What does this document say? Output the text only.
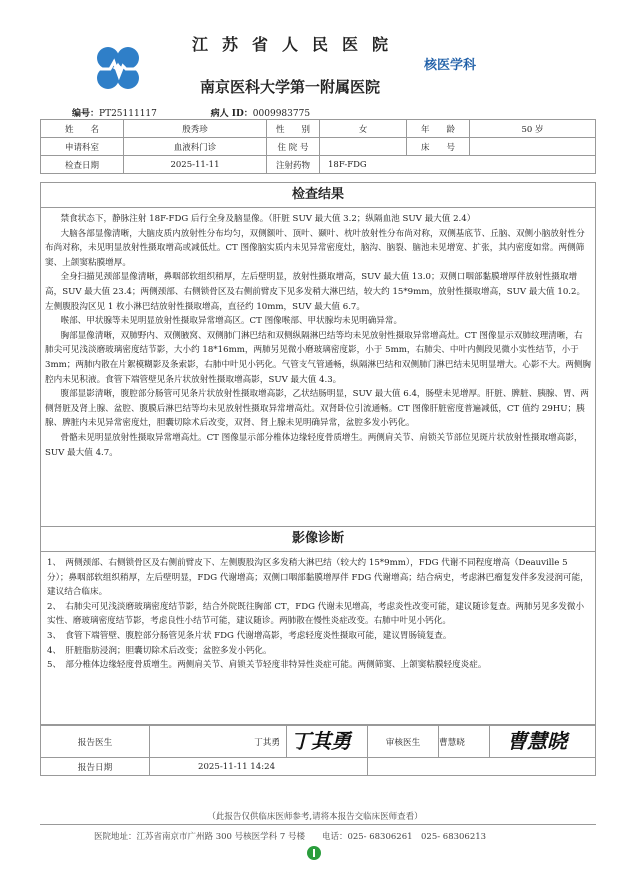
江苏省人民医院
核医学科
南京医科大学第一附属医院
编号：PT25111117	病人 ID：0009983775
姓　　名	殷秀珍	性　　别	女	年　　龄	50 岁
申请科室	血液科门诊	住 院 号		床　　号	
检查日期	2025-11-11	注射药物	18F-FDG		
检查结果

禁食状态下，静脉注射 18F-FDG 后行全身及脑显像。（肝脏 SUV 最大值 3.2；纵隔血池 SUV 最大值 2.4）

大脑各部显像清晰，大脑皮质内放射性分布均匀，双侧额叶、顶叶、颞叶、枕叶放射性分布尚对称，双侧基底节、丘脑、双侧小脑放射性分布尚对称，未见明显放射性摄取增高或减低灶。CT 图像脑实质内未见异常密度灶，脑沟、脑裂、脑池未见增宽、扩张，其内密度如常。两侧筛窦、上颌窦粘膜增厚。

全身扫描见颈部显像清晰，鼻咽部软组织稍厚，左后壁明显，放射性摄取增高，SUV 最大值 13.0；双侧口咽部黏膜增厚伴放射性摄取增高，SUV 最大值 23.4；两侧颈部、右侧锁骨区及右侧前臂皮下见多发稍大淋巴结，较大约 15*9mm，放射性摄取增高，SUV 最大值 10.2。左侧腹股沟区见 1 枚小淋巴结放射性摄取增高，直径约 10mm，SUV 最大值 6.7。

喉部、甲状腺等未见明显放射性摄取异常增高区。CT 图像喉部、甲状腺均未见明确异常。

胸部显像清晰，双肺野内、双侧腋窝、双侧肺门淋巴结和双侧纵隔淋巴结等均未见放射性摄取异常增高灶。CT 图像显示双肺纹理清晰，右肺尖可见浅淡磨玻璃密度结节影，大小约 18*16mm，两肺另见微小磨玻璃密度影，小于 5mm，右肺尖、中叶内侧段见微小实性结节，小于 3mm；两肺内散在片絮模糊影及条索影，右肺中叶见小钙化。气管支气管通畅，纵隔淋巴结和双侧肺门淋巴结未见明显增大。心影不大。两侧胸腔内未见积液。食管下端管壁见条片状放射性摄取增高影，SUV 最大值 4.3。

腹部显影清晰，腹腔部分肠管可见条片状放射性摄取增高影，乙状结肠明显，SUV 最大值 6.4，肠壁未见增厚。肝脏、脾脏、胰腺、胃、两侧肾脏及肾上腺、盆腔、腹膜后淋巴结等均未见放射性摄取异常增高灶。双肾卧位引流通畅。CT 图像肝脏密度普遍减低，CT 值约 29HU；胰腺、脾脏内未见异常密度灶，胆囊切除术后改变，双肾、肾上腺未见明确异常，盆腔多发小钙化。

骨骼未见明显放射性摄取异常增高灶。CT 图像显示部分椎体边缘轻度骨质增生。两侧肩关节、肩锁关节部位见斑片状放射性摄取增高影，SUV 最大值 4.7。

影像诊断

1、　两侧颈部、右侧锁骨区及右侧前臂皮下、左侧腹股沟区多发稍大淋巴结（较大约 15*9mm），FDG 代谢不同程度增高（Deauville 5 分）；鼻咽部软组织稍厚，左后壁明显，FDG 代谢增高；双侧口咽部黏膜增厚伴 FDG 代谢增高；结合病史，考虑淋巴瘤复发伴多发浸润可能，建议结合临床。

2、　右肺尖可见浅淡磨玻璃密度结节影，结合外院既往胸部 CT，FDG 代谢未见增高，考虑炎性改变可能，建议随诊复查。两肺另见多发微小实性、磨玻璃密度结节影，考虑良性小结节可能，建议随诊。两肺散在慢性炎症改变。右肺中叶见小钙化。

3、　食管下端管壁、腹腔部分肠管见条片状 FDG 代谢增高影，考虑轻度炎性摄取可能，建议胃肠镜复查。

4、　肝脏脂肪浸润；胆囊切除术后改变；盆腔多发小钙化。

5、　部分椎体边缘轻度骨质增生。两侧肩关节、肩锁关节轻度非特异性炎症可能。两侧筛窦、上颌窦粘膜轻度炎症。

报告医生	丁其勇	丁其勇	审核医生	曹慧晓	曹慧晓

报告日期	2025-11-11 14:24				
（此报告仅供临床医师参考,请将本报告交临床医师查看）
医院地址：江苏省南京市广州路 300 号核医学科 7 号楼　　电话：025- 68306261　025- 68306213
